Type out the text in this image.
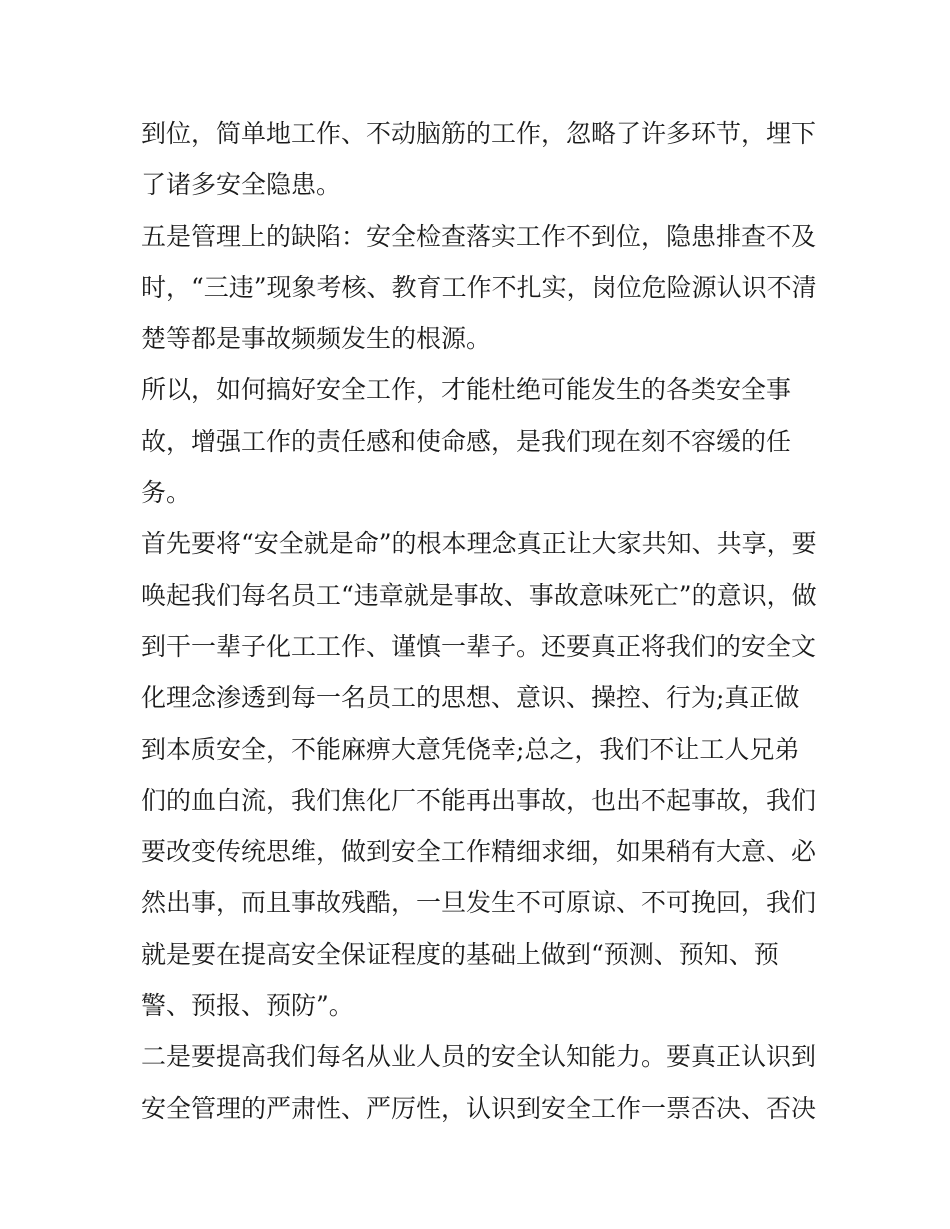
到位，简单地工作、不动脑筋的工作，忽略了许多环节，埋下
了诸多安全隐患。
五是管理上的缺陷：安全检查落实工作不到位，隐患排查不及
时，“三违”现象考核、教育工作不扎实，岗位危险源认识不清
楚等都是事故频频发生的根源。
所以，如何搞好安全工作，才能杜绝可能发生的各类安全事
故，增强工作的责任感和使命感，是我们现在刻不容缓的任
务。
首先要将“安全就是命”的根本理念真正让大家共知、共享，要
唤起我们每名员工“违章就是事故、事故意味死亡”的意识，做
到干一辈子化工工作、谨慎一辈子。还要真正将我们的安全文
化理念渗透到每一名员工的思想、意识、操控、行为;真正做
到本质安全，不能麻痹大意凭侥幸;总之，我们不让工人兄弟
们的血白流，我们焦化厂不能再出事故，也出不起事故，我们
要改变传统思维，做到安全工作精细求细，如果稍有大意、必
然出事，而且事故残酷，一旦发生不可原谅、不可挽回，我们
就是要在提高安全保证程度的基础上做到“预测、预知、预
警、预报、预防”。
二是要提高我们每名从业人员的安全认知能力。要真正认识到
安全管理的严肃性、严厉性，认识到安全工作一票否决、否决
